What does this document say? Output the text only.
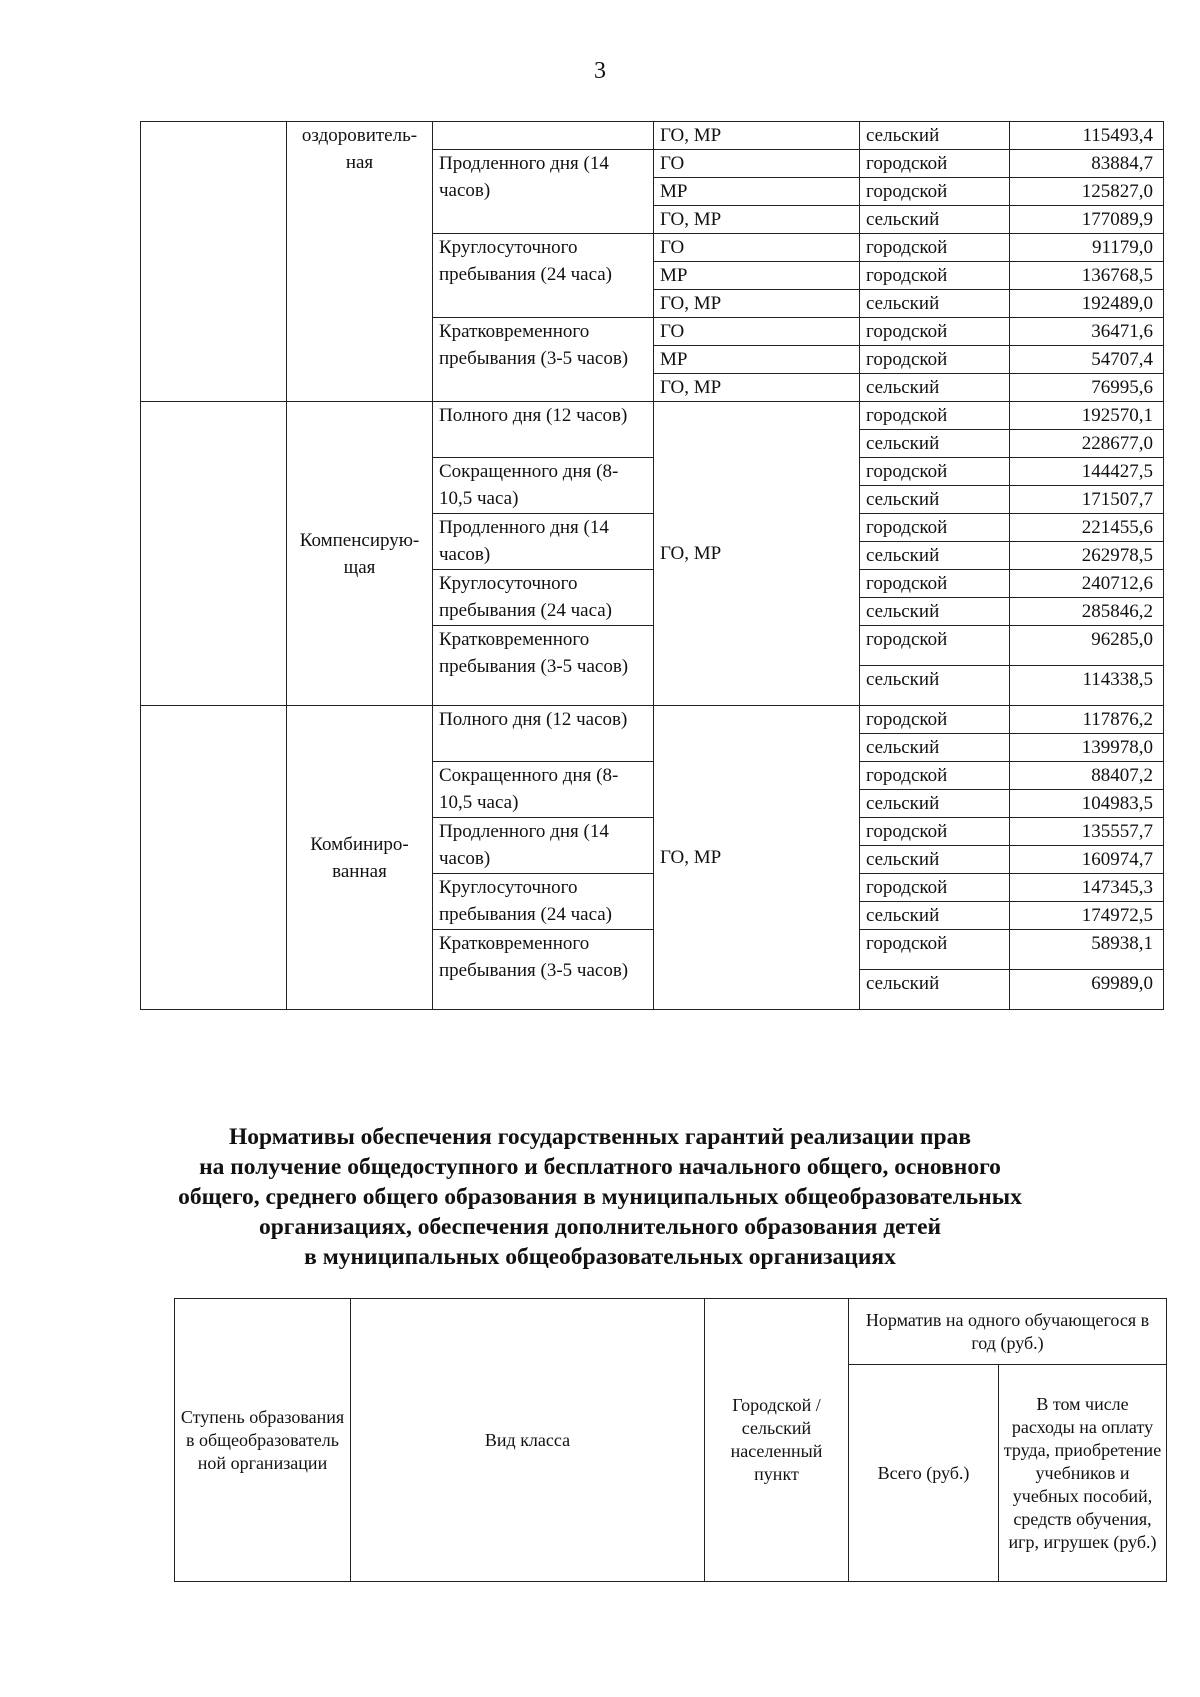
3
	оздоровитель-ная		ГО, МР	сельский	115493,4
		Продленного дня (14 часов)	ГО	городской	83884,7
			МР	городской	125827,0
			ГО, МР	сельский	177089,9
		Круглосуточного пребывания (24 часа)	ГО	городской	91179,0
			МР	городской	136768,5
			ГО, МР	сельский	192489,0
		Кратковременного пребывания (3-5 часов)	ГО	городской	36471,6
			МР	городской	54707,4
			ГО, МР	сельский	76995,6
	Компенсирую-щая	Полного дня (12 часов)	ГО, МР	городской	192570,1
				сельский	228677,0
		Сокращенного дня (8-10,5 часа)		городской	144427,5
				сельский	171507,7
		Продленного дня (14 часов)		городской	221455,6
				сельский	262978,5
		Круглосуточного пребывания (24 часа)		городской	240712,6
				сельский	285846,2
		Кратковременного пребывания (3-5 часов)		городской	96285,0
				сельский	114338,5
	Комбиниро-ванная	Полного дня (12 часов)	ГО, МР	городской	117876,2
				сельский	139978,0
		Сокращенного дня (8-10,5 часа)		городской	88407,2
				сельский	104983,5
		Продленного дня (14 часов)		городской	135557,7
				сельский	160974,7
		Круглосуточного пребывания (24 часа)		городской	147345,3
				сельский	174972,5
		Кратковременного пребывания (3-5 часов)		городской	58938,1
				сельский	69989,0
Нормативы обеспечения государственных гарантий реализации прав
на получение общедоступного и бесплатного начального общего, основного
общего, среднего общего образования в муниципальных общеобразовательных
организациях, обеспечения дополнительного образования детей
в муниципальных общеобразовательных организациях
Ступень образования в общеобразователь ной организации	Вид класса	Городской / сельский населенный пункт	Норматив на одного обучающегося в год (руб.)	
			Всего (руб.)	В том числе расходы на оплату труда, приобретение учебников и учебных пособий, средств обучения, игр, игрушек (руб.)
